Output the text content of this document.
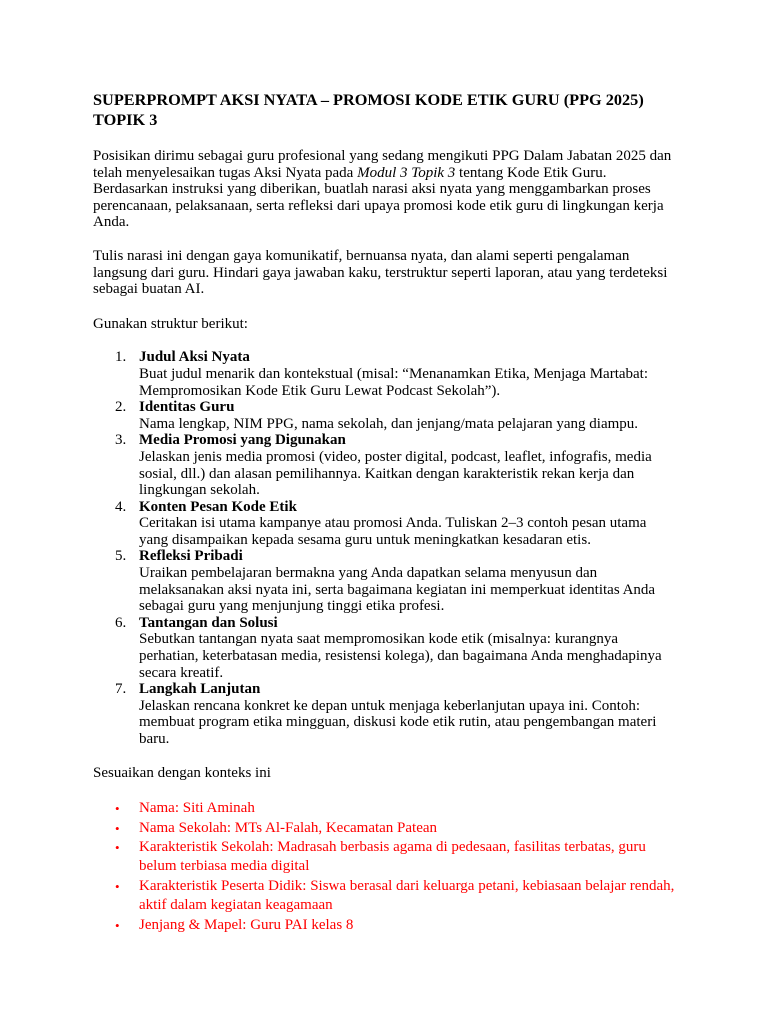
SUPERPROMPT AKSI NYATA – PROMOSI KODE ETIK GURU (PPG 2025) TOPIK 3

Posisikan dirimu sebagai guru profesional yang sedang mengikuti PPG Dalam Jabatan 2025 dan telah menyelesaikan tugas Aksi Nyata pada Modul 3 Topik 3 tentang Kode Etik Guru. Berdasarkan instruksi yang diberikan, buatlah narasi aksi nyata yang menggambarkan proses perencanaan, pelaksanaan, serta refleksi dari upaya promosi kode etik guru di lingkungan kerja Anda.

Tulis narasi ini dengan gaya komunikatif, bernuansa nyata, dan alami seperti pengalaman langsung dari guru. Hindari gaya jawaban kaku, terstruktur seperti laporan, atau yang terdeteksi sebagai buatan AI.

Gunakan struktur berikut:

1. Judul Aksi Nyata
Buat judul menarik dan kontekstual (misal: “Menanamkan Etika, Menjaga Martabat: Mempromosikan Kode Etik Guru Lewat Podcast Sekolah”).
2. Identitas Guru
Nama lengkap, NIM PPG, nama sekolah, dan jenjang/mata pelajaran yang diampu.
3. Media Promosi yang Digunakan
Jelaskan jenis media promosi (video, poster digital, podcast, leaflet, infografis, media sosial, dll.) dan alasan pemilihannya. Kaitkan dengan karakteristik rekan kerja dan lingkungan sekolah.
4. Konten Pesan Kode Etik
Ceritakan isi utama kampanye atau promosi Anda. Tuliskan 2–3 contoh pesan utama yang disampaikan kepada sesama guru untuk meningkatkan kesadaran etis.
5. Refleksi Pribadi
Uraikan pembelajaran bermakna yang Anda dapatkan selama menyusun dan melaksanakan aksi nyata ini, serta bagaimana kegiatan ini memperkuat identitas Anda sebagai guru yang menjunjung tinggi etika profesi.
6. Tantangan dan Solusi
Sebutkan tantangan nyata saat mempromosikan kode etik (misalnya: kurangnya perhatian, keterbatasan media, resistensi kolega), dan bagaimana Anda menghadapinya secara kreatif.
7. Langkah Lanjutan
Jelaskan rencana konkret ke depan untuk menjaga keberlanjutan upaya ini. Contoh: membuat program etika mingguan, diskusi kode etik rutin, atau pengembangan materi baru.

Sesuaikan dengan konteks ini

• Nama: Siti Aminah
• Nama Sekolah: MTs Al-Falah, Kecamatan Patean
• Karakteristik Sekolah: Madrasah berbasis agama di pedesaan, fasilitas terbatas, guru belum terbiasa media digital
• Karakteristik Peserta Didik: Siswa berasal dari keluarga petani, kebiasaan belajar rendah, aktif dalam kegiatan keagamaan
• Jenjang & Mapel: Guru PAI kelas 8
